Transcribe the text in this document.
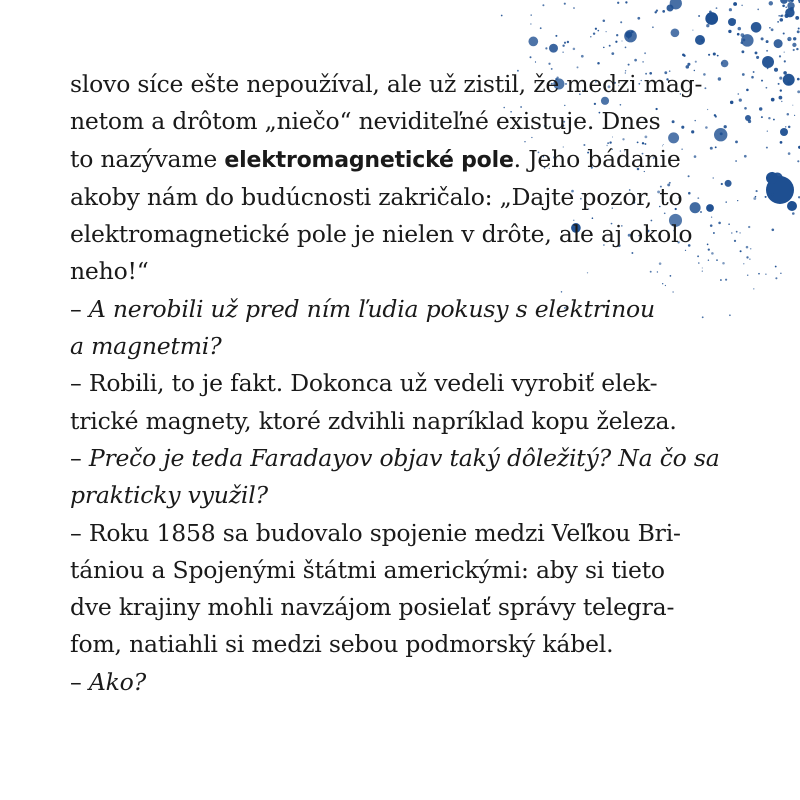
slovo síce ešte nepoužíval, ale už zistil, že medzi mag-
netom a drôtom „niečo“ neviditeľné existuje. Dnes
to nazývame elektromagnetické pole. Jeho bádanie
akoby nám do budúcnosti zakričalo: „Dajte pozor, to
elektromagnetické pole je nielen v drôte, ale aj okolo
neho!“
– A nerobili už pred ním ľudia pokusy s elektrinou
a magnetmi?
– Robili, to je fakt. Dokonca už vedeli vyrobiť elek-
trické magnety, ktoré zdvihli napríklad kopu železa.
– Prečo je teda Faradayov objav taký dôležitý? Na čo sa
prakticky využil?
– Roku 1858 sa budovalo spojenie medzi Veľkou Bri-
tániou a Spojenými štátmi americkými: aby si tieto
dve krajiny mohli navzájom posielať správy telegra-
fom, natiahli si medzi sebou podmorský kábel.
– Ako?
